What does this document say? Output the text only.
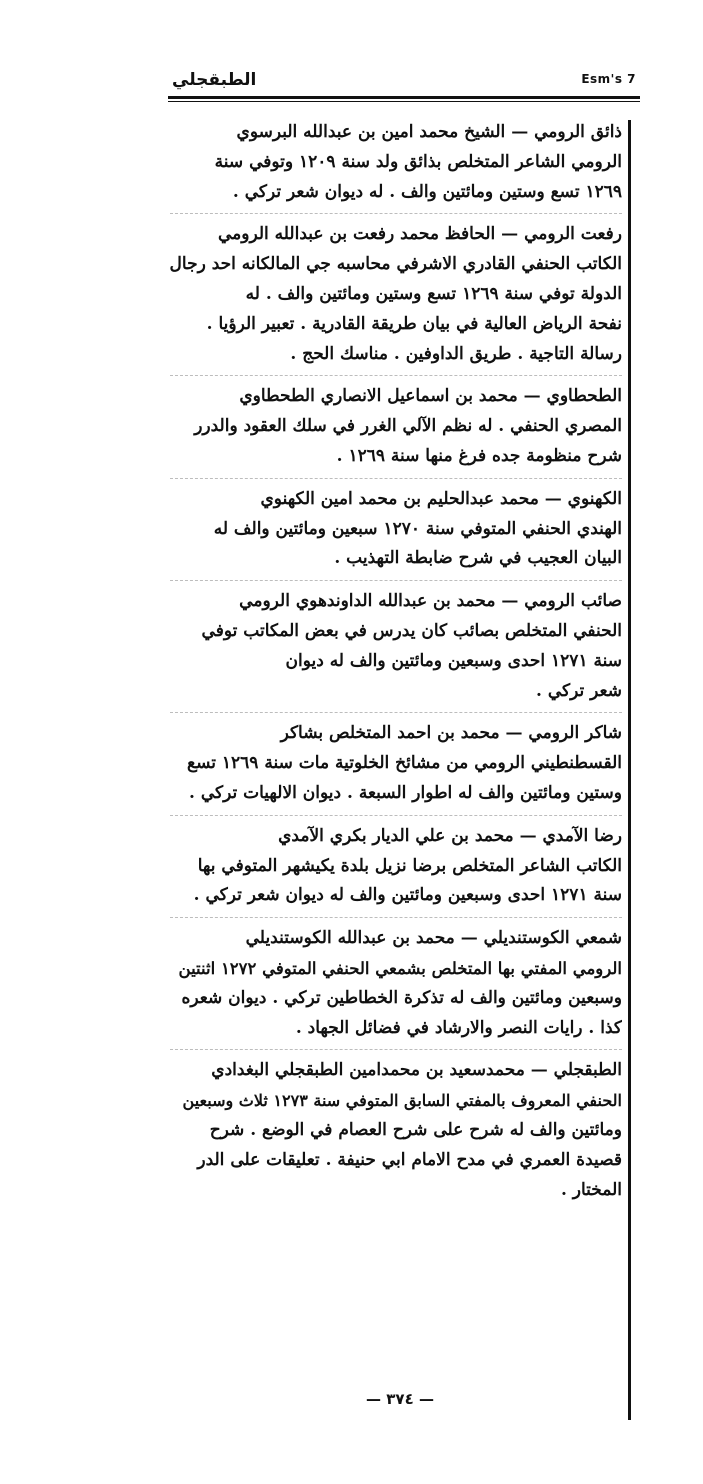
الطبقجلي	Esm's 7
ذائق الرومي — الشيخ محمد امين بن عبدالله البرسوي
الرومي الشاعر المتخلص بذائق ولد سنة ١٢٠٩ وتوفي سنة
١٢٦٩ تسع وستين ومائتين والف . له ديوان شعر تركي .
رفعت الرومي — الحافظ محمد رفعت بن عبدالله الرومي
الكاتب الحنفي القادري الاشرفي محاسبه جي المالكانه احد رجال
الدولة توفي سنة ١٢٦٩ تسع وستين ومائتين والف . له
نفحة الرياض العالية في بيان طريقة القادرية . تعبير الرؤيا .
رسالة التاجية . طريق الداوفين . مناسك الحج .
الطحطاوي — محمد بن اسماعيل الانصاري الطحطاوي
المصري الحنفي . له نظم الآلي الغرر في سلك العقود والدرر
شرح منظومة جده فرغ منها سنة ١٢٦٩ .
الكهنوي — محمد عبدالحليم بن محمد امين الكهنوي
الهندي الحنفي المتوفي سنة ١٢٧٠ سبعين ومائتين والف له
البيان العجيب في شرح ضابطة التهذيب .
صائب الرومي — محمد بن عبدالله الداوندهوي الرومي
الحنفي المتخلص بصائب كان يدرس في بعض المكاتب توفي
سنة ١٢٧١ احدى وسبعين ومائتين والف له ديوان
شعر تركي .
شاكر الرومي — محمد بن احمد المتخلص بشاكر
القسطنطيني الرومي من مشائخ الخلوتية مات سنة ١٢٦٩ تسع
وستين ومائتين والف له اطوار السبعة . ديوان الالهيات تركي .
رضا الآمدي — محمد بن علي الديار بكري الآمدي
الكاتب الشاعر المتخلص برضا نزيل بلدة يكيشهر المتوفي بها
سنة ١٢٧١ احدى وسبعين ومائتين والف له ديوان شعر تركي .
شمعي الكوستنديلي — محمد بن عبدالله الكوستنديلي
الرومي المفتي بها المتخلص بشمعي الحنفي المتوفي ١٢٧٢ اثنتين
وسبعين ومائتين والف له تذكرة الخطاطين تركي . ديوان شعره
كذا . رايات النصر والارشاد في فضائل الجهاد .
الطبقجلي — محمدسعيد بن محمدامين الطبقجلي البغدادي
الحنفي المعروف بالمفتي السابق المتوفي سنة ١٢٧٣ ثلاث وسبعين
ومائتين والف له شرح على شرح العصام في الوضع . شرح
قصيدة العمري في مدح الامام ابي حنيفة . تعليقات على الدر
المختار .
— ٣٧٤ —
